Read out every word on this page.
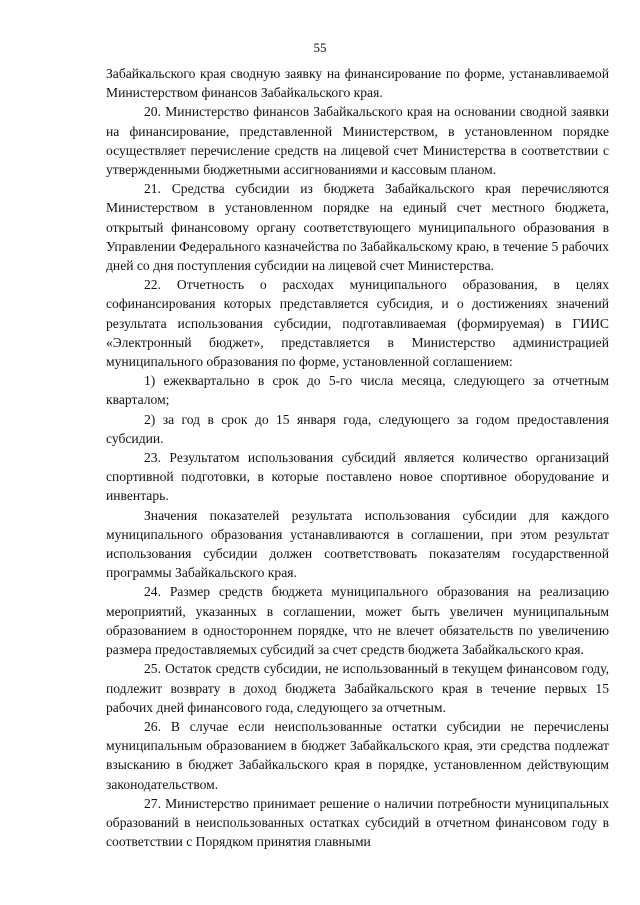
55

Забайкальского края сводную заявку на финансирование по форме, устанавливаемой Министерством финансов Забайкальского края.

20. Министерство финансов Забайкальского края на основании сводной заявки на финансирование, представленной Министерством, в установленном порядке осуществляет перечисление средств на лицевой счет Министерства в соответствии с утвержденными бюджетными ассигнованиями и кассовым планом.

21. Средства субсидии из бюджета Забайкальского края перечисляются Министерством в установленном порядке на единый счет местного бюджета, открытый финансовому органу соответствующего муниципального образования в Управлении Федерального казначейства по Забайкальскому краю, в течение 5 рабочих дней со дня поступления субсидии на лицевой счет Министерства.

22. Отчетность о расходах муниципального образования, в целях софинансирования которых представляется субсидия, и о достижениях значений результата использования субсидии, подготавливаемая (формируемая) в ГИИС «Электронный бюджет», представляется в Министерство администрацией муниципального образования по форме, установленной соглашением:

1) ежеквартально в срок до 5-го числа месяца, следующего за отчетным кварталом;

2) за год в срок до 15 января года, следующего за годом предоставления субсидии.

23. Результатом использования субсидий является количество организаций спортивной подготовки, в которые поставлено новое спортивное оборудование и инвентарь.

Значения показателей результата использования субсидии для каждого муниципального образования устанавливаются в соглашении, при этом результат использования субсидии должен соответствовать показателям государственной программы Забайкальского края.

24. Размер средств бюджета муниципального образования на реализацию мероприятий, указанных в соглашении, может быть увеличен муниципальным образованием в одностороннем порядке, что не влечет обязательств по увеличению размера предоставляемых субсидий за счет средств бюджета Забайкальского края.

25. Остаток средств субсидии, не использованный в текущем финансовом году, подлежит возврату в доход бюджета Забайкальского края в течение первых 15 рабочих дней финансового года, следующего за отчетным.

26. В случае если неиспользованные остатки субсидии не перечислены муниципальным образованием в бюджет Забайкальского края, эти средства подлежат взысканию в бюджет Забайкальского края в порядке, установленном действующим законодательством.

27. Министерство принимает решение о наличии потребности муниципальных образований в неиспользованных остатках субсидий в отчетном финансовом году в соответствии с Порядком принятия главными
